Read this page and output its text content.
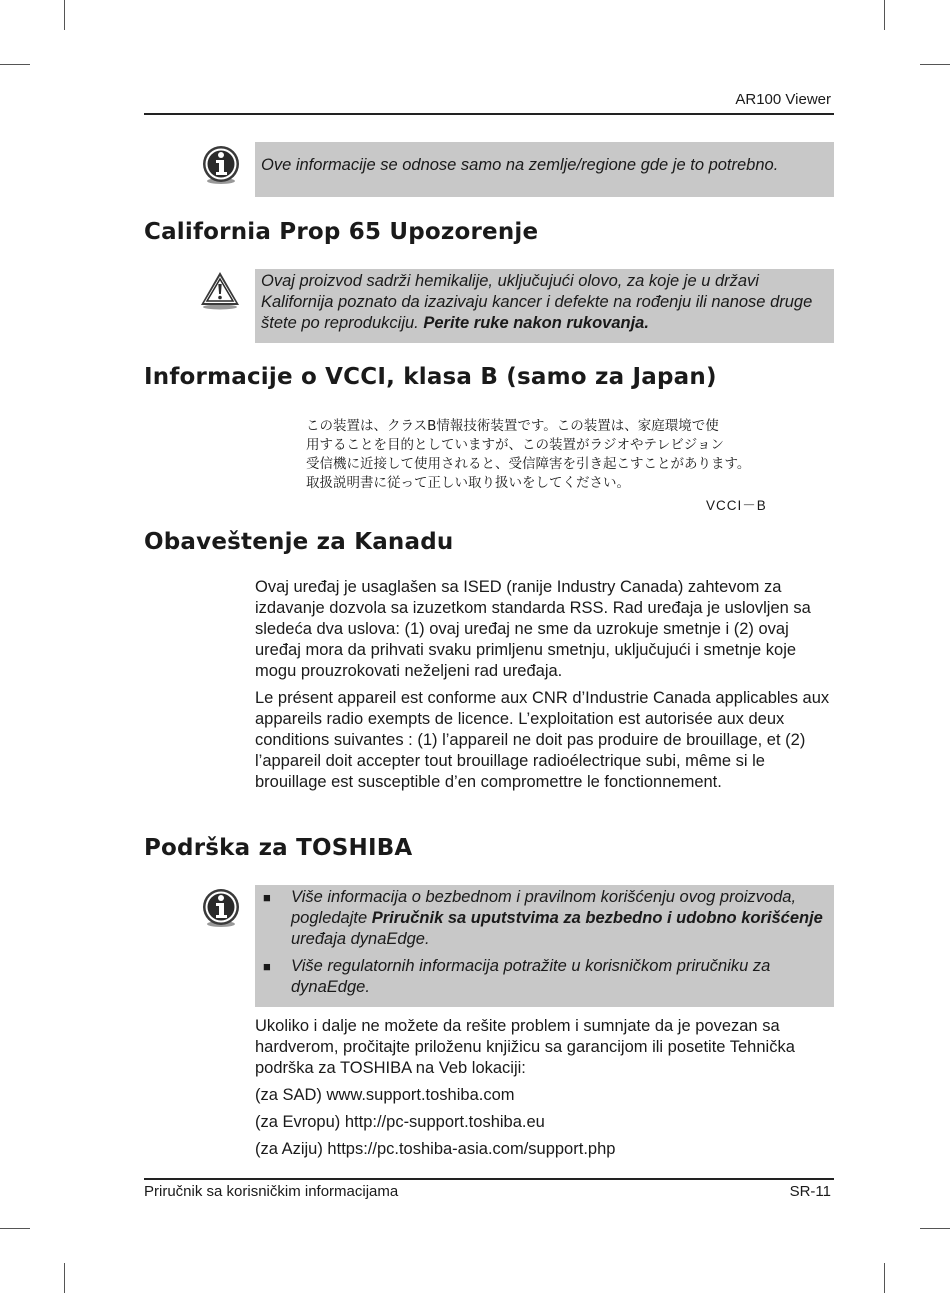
AR100 Viewer

Ove informacije se odnose samo na zemlje/regione gde je to potrebno.

California Prop 65 Upozorenje

Ovaj proizvod sadrži hemikalije, uključujući olovo, za koje je u državi Kalifornija poznato da izazivaju kancer i defekte na rođenju ili nanose druge štete po reprodukciju. Perite ruke nakon rukovanja.

Informacije o VCCI, klasa B (samo za Japan)

この装置は、クラスB情報技術装置です。この装置は、家庭環境で使

用することを目的としていますが、この装置がラジオやテレビジョン

受信機に近接して使用されると、受信障害を引き起こすことがあります。

取扱説明書に従って正しい取り扱いをしてください。

VCCI－B
Obaveštenje za Kanadu

Ovaj uređaj je usaglašen sa ISED (ranije Industry Canada) zahtevom za izdavanje dozvola sa izuzetkom standarda RSS. Rad uređaja je uslovljen sa sledeća dva uslova: (1) ovaj uređaj ne sme da uzrokuje smetnje i (2) ovaj uređaj mora da prihvati svaku primljenu smetnju, uključujući i smetnje koje mogu prouzrokovati neželjeni rad uređaja.

Le présent appareil est conforme aux CNR d’Industrie Canada applicables aux appareils radio exempts de licence. L’exploitation est autorisée aux deux conditions suivantes : (1) l’appareil ne doit pas produire de brouillage, et (2) l’appareil doit accepter tout brouillage radioélectrique subi, même si le brouillage est susceptible d’en compromettre le fonctionnement.

Podrška za TOSHIBA
■	Više informacija o bezbednom i pravilnom korišćenju ovog proizvoda, pogledajte Priručnik sa uputstvima za bezbedno i udobno korišćenje uređaja dynaEdge.
■	Više regulatornih informacija potražite u korisničkom priručniku za dynaEdge.

Ukoliko i dalje ne možete da rešite problem i sumnjate da je povezan sa hardverom, pročitajte priloženu knjižicu sa garancijom ili posetite Tehnička podrška za TOSHIBA na Veb lokaciji:

(za SAD) www.support.toshiba.com

(za Evropu) http://pc-support.toshiba.eu

(za Aziju) https://pc.toshiba-asia.com/support.php

Priručnik sa korisničkim informacijama	SR-11
